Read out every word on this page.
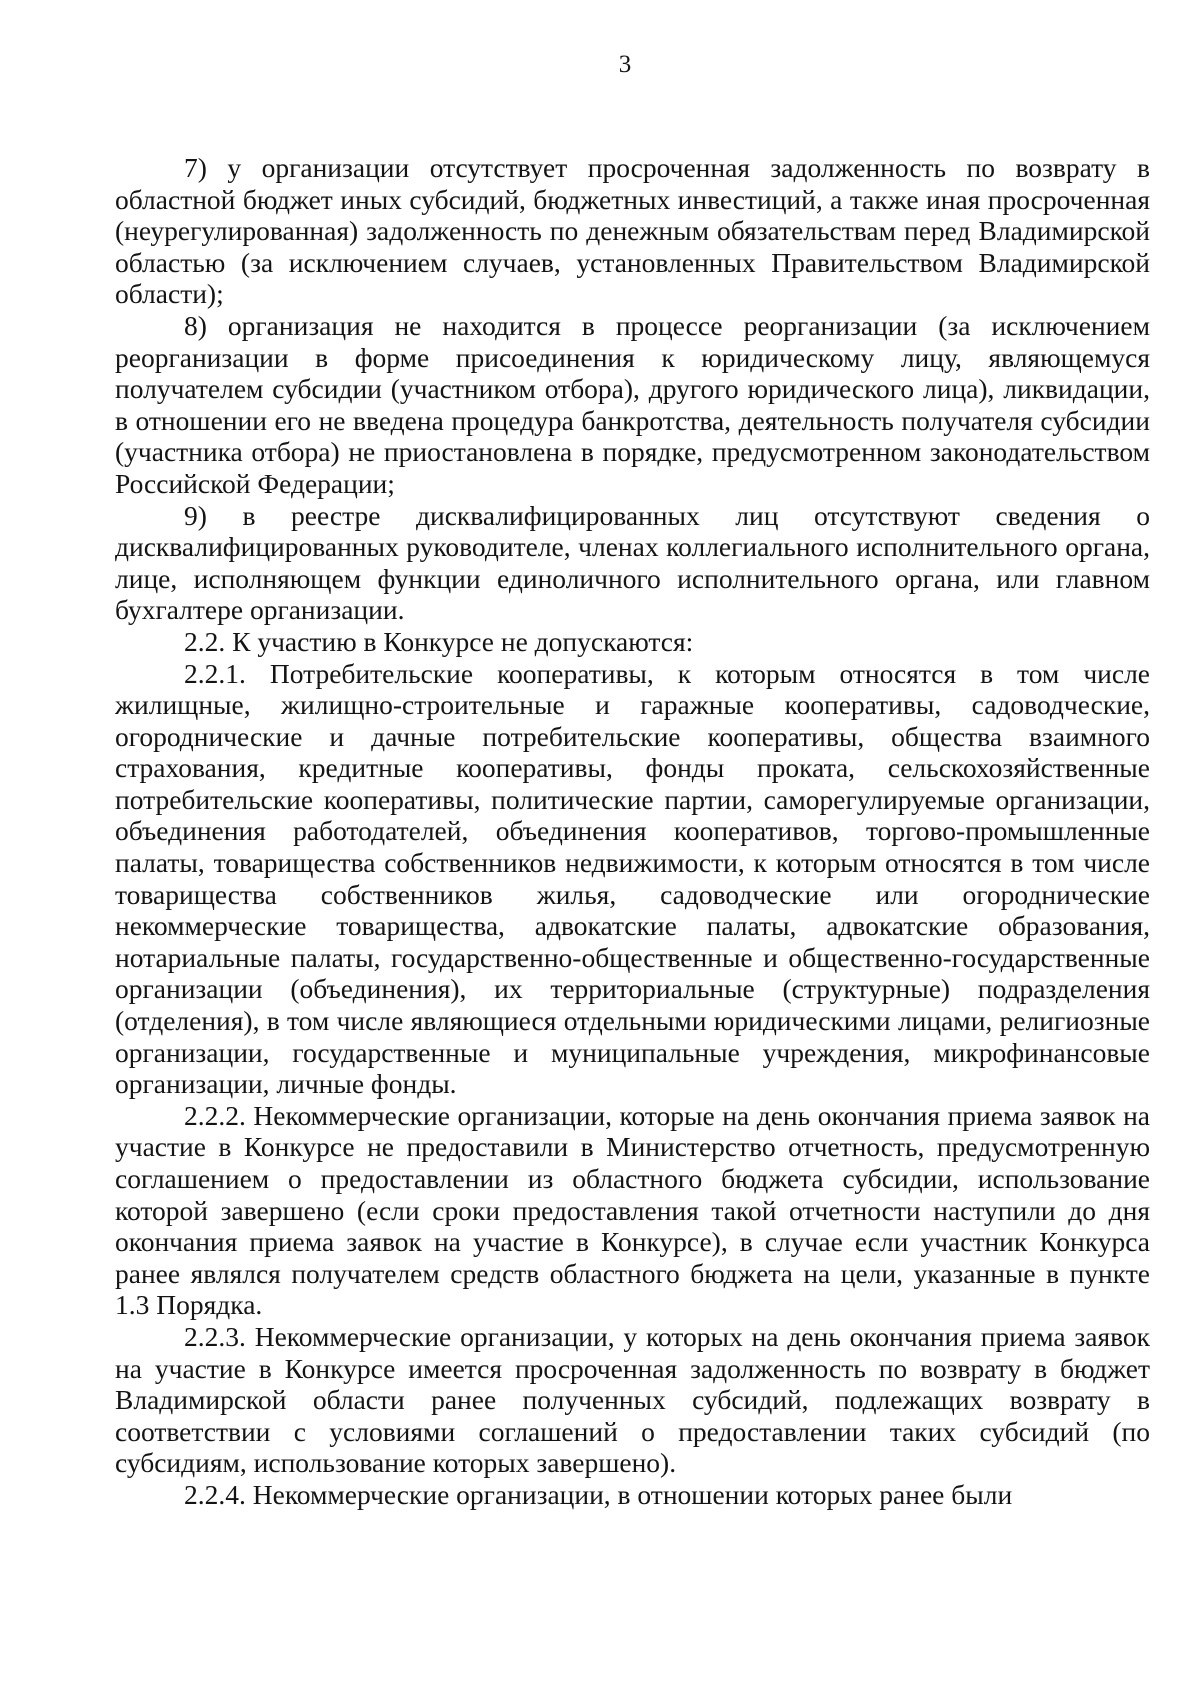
3

7) у организации отсутствует просроченная задолженность по возврату в областной бюджет иных субсидий, бюджетных инвестиций, а также иная просроченная (неурегулированная) задолженность по денежным обязательствам перед Владимирской областью (за исключением случаев, установленных Правительством Владимирской области);

8) организация не находится в процессе реорганизации (за исключением реорганизации в форме присоединения к юридическому лицу, являющемуся получателем субсидии (участником отбора), другого юридического лица), ликвидации, в отношении его не введена процедура банкротства, деятельность получателя субсидии (участника отбора) не приостановлена в порядке, предусмотренном законодательством Российской Федерации;

9) в реестре дисквалифицированных лиц отсутствуют сведения о дисквалифицированных руководителе, членах коллегиального исполнительного органа, лице, исполняющем функции единоличного исполнительного органа, или главном бухгалтере организации.

2.2. К участию в Конкурсе не допускаются:

2.2.1. Потребительские кооперативы, к которым относятся в том числе жилищные, жилищно-строительные и гаражные кооперативы, садоводческие, огороднические и дачные потребительские кооперативы, общества взаимного страхования, кредитные кооперативы, фонды проката, сельскохозяйственные потребительские кооперативы, политические партии, саморегулируемые организации, объединения работодателей, объединения кооперативов, торгово-промышленные палаты, товарищества собственников недвижимости, к которым относятся в том числе товарищества собственников жилья, садоводческие или огороднические некоммерческие товарищества, адвокатские палаты, адвокатские образования, нотариальные палаты, государственно-общественные и общественно-государственные организации (объединения), их территориальные (структурные) подразделения (отделения), в том числе являющиеся отдельными юридическими лицами, религиозные организации, государственные и муниципальные учреждения, микрофинансовые организации, личные фонды.

2.2.2. Некоммерческие организации, которые на день окончания приема заявок на участие в Конкурсе не предоставили в Министерство отчетность, предусмотренную соглашением о предоставлении из областного бюджета субсидии, использование которой завершено (если сроки предоставления такой отчетности наступили до дня окончания приема заявок на участие в Конкурсе), в случае если участник Конкурса ранее являлся получателем средств областного бюджета на цели, указанные в пункте 1.3 Порядка.

2.2.3. Некоммерческие организации, у которых на день окончания приема заявок на участие в Конкурсе имеется просроченная задолженность по возврату в бюджет Владимирской области ранее полученных субсидий, подлежащих возврату в соответствии с условиями соглашений о предоставлении таких субсидий (по субсидиям, использование которых завершено).

2.2.4. Некоммерческие организации, в отношении которых ранее были
